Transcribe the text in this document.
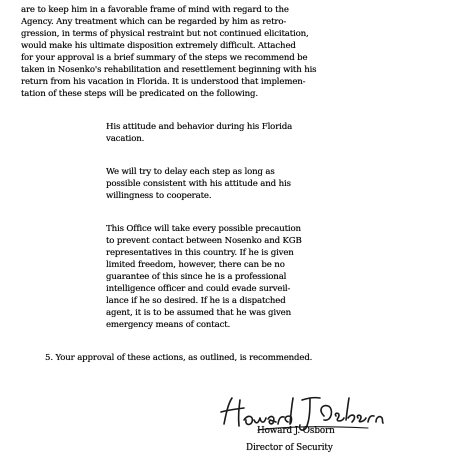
are to keep him in a favorable frame of mind with regard to the
Agency. Any treatment which can be regarded by him as retro-
gression, in terms of physical restraint but not continued elicitation,
would make his ultimate disposition extremely difficult. Attached
for your approval is a brief summary of the steps we recommend be
taken in Nosenko's rehabilitation and resettlement beginning with his
return from his vacation in Florida. It is understood that implemen-
tation of these steps will be predicated on the following.
His attitude and behavior during his Florida
vacation.
We will try to delay each step as long as
possible consistent with his attitude and his
willingness to cooperate.
This Office will take every possible precaution
to prevent contact between Nosenko and KGB
representatives in this country. If he is given
limited freedom, however, there can be no
guarantee of this since he is a professional
intelligence officer and could evade surveil-
lance if he so desired. If he is a dispatched
agent, it is to be assumed that he was given
emergency means of contact.
5. Your approval of these actions, as outlined, is recommended.
Howard J. Osborn
Director of Security
